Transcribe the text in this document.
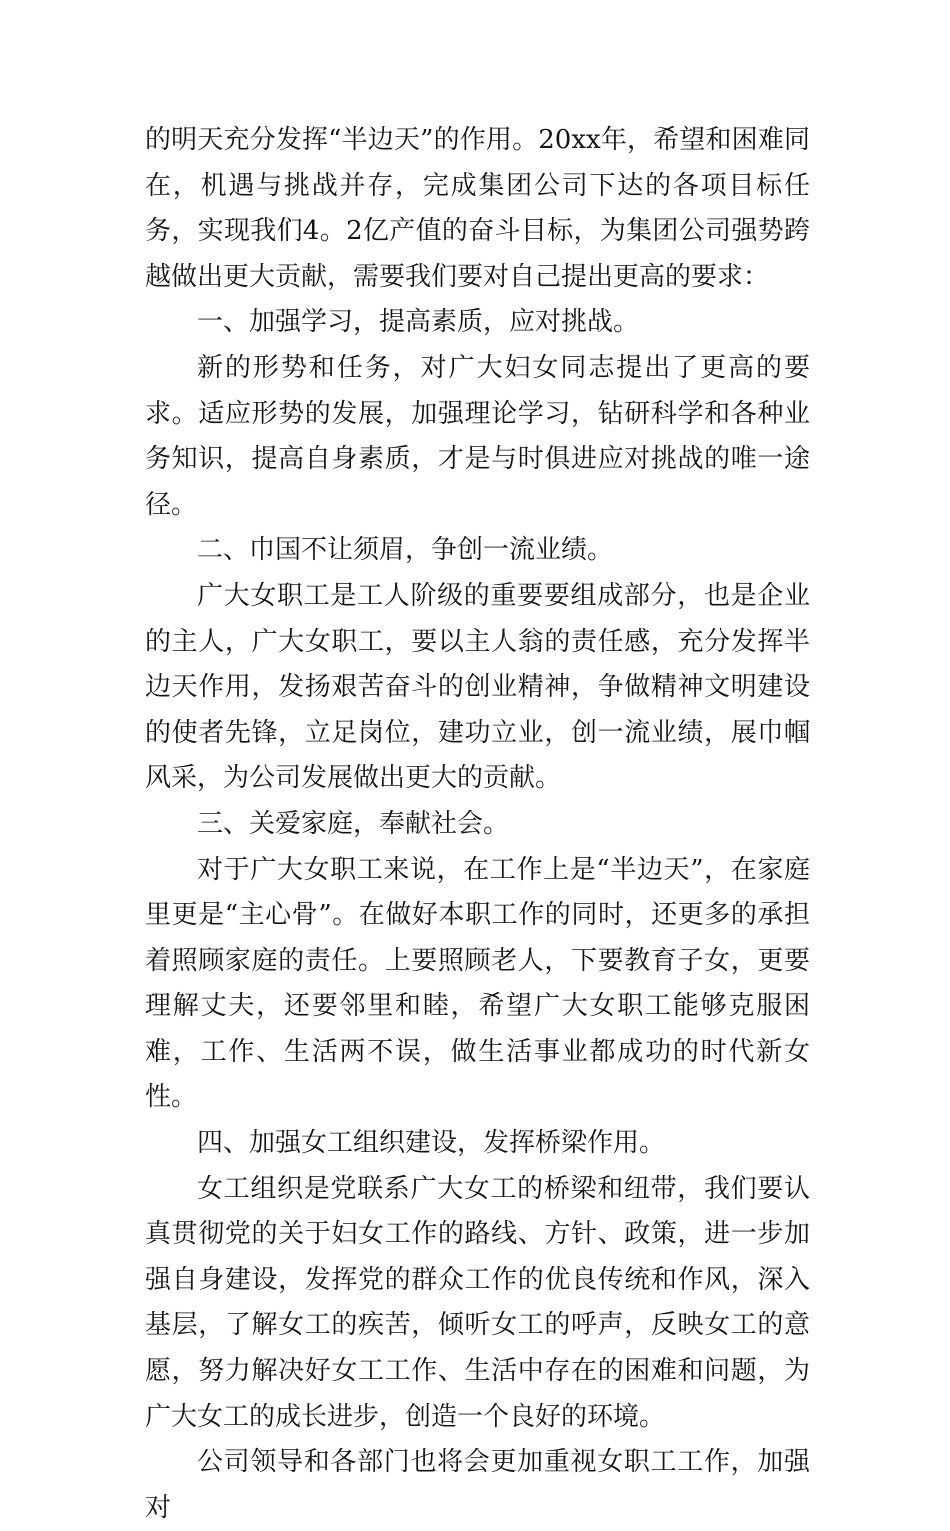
的明天充分发挥“半边天”的作用。20xx年，希望和困难同在，机遇与挑战并存，完成集团公司下达的各项目标任务，实现我们4。2亿产值的奋斗目标，为集团公司强势跨越做出更大贡献，需要我们要对自己提出更高的要求：

一、加强学习，提高素质，应对挑战。

新的形势和任务，对广大妇女同志提出了更高的要求。适应形势的发展，加强理论学习，钻研科学和各种业务知识，提高自身素质，才是与时俱进应对挑战的唯一途径。

二、巾国不让须眉，争创一流业绩。

广大女职工是工人阶级的重要要组成部分，也是企业的主人，广大女职工，要以主人翁的责任感，充分发挥半边天作用，发扬艰苦奋斗的创业精神，争做精神文明建设的使者先锋，立足岗位，建功立业，创一流业绩，展巾帼风采，为公司发展做出更大的贡献。

三、关爱家庭，奉献社会。

对于广大女职工来说，在工作上是“半边天”，在家庭里更是“主心骨”。在做好本职工作的同时，还更多的承担着照顾家庭的责任。上要照顾老人，下要教育子女，更要理解丈夫，还要邻里和睦，希望广大女职工能够克服困难，工作、生活两不误，做生活事业都成功的时代新女性。

四、加强女工组织建设，发挥桥梁作用。

女工组织是党联系广大女工的桥梁和纽带，我们要认真贯彻党的关于妇女工作的路线、方针、政策，进一步加强自身建设，发挥党的群众工作的优良传统和作风，深入基层，了解女工的疾苦，倾听女工的呼声，反映女工的意愿，努力解决好女工工作、生活中存在的困难和问题，为广大女工的成长进步，创造一个良好的环境。

公司领导和各部门也将会更加重视女职工工作，加强对
